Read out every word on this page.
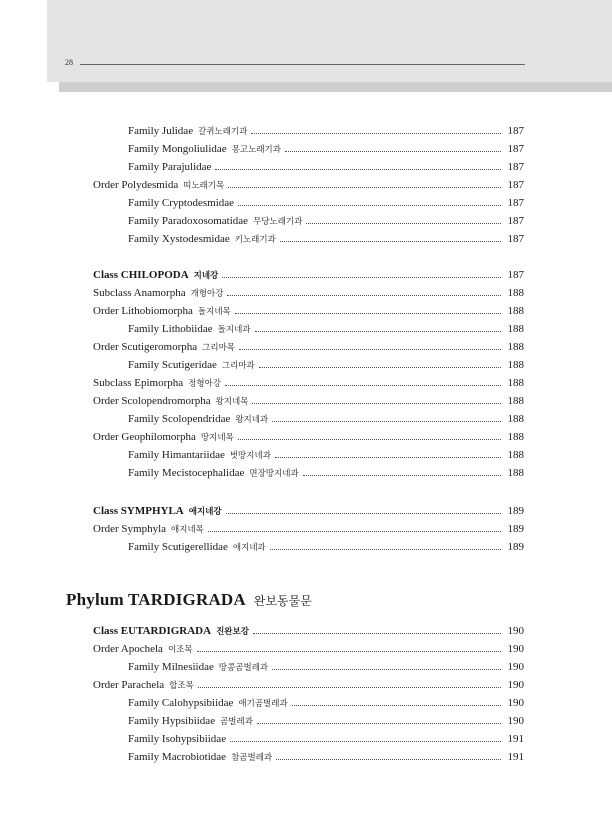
28
Family Julidae 갈퀴노래기과	187
Family Mongoliulidae 몽고노래기과	187
Family Parajulidae	187
Order Polydesmida 띠노래기목	187
Family Cryptodesmidae	187
Family Paradoxosomatidae 무당노래기과	187
Family Xystodesmidae 키노래기과	187
Class CHILOPODA 지네강	187
Subclass Anamorpha 개형아강	188
Order Lithobiomorpha 돌지네목	188
Family Lithobiidae 돌지네과	188
Order Scutigeromorpha 그리마목	188
Family Scutigeridae 그리마과	188
Subclass Epimorpha 정형아강	188
Order Scolopendromorpha 왕지네목	188
Family Scolopendridae 왕지네과	188
Order Geophilomorpha 땅지네목	188
Family Himantariidae 벗땅지네과	188
Family Mecistocephalidae 면장땅지네과	188
Class SYMPHYLA 애지네강	189
Order Symphyla 애지네목	189
Family Scutigerellidae 애지네과	189
Class EUTARDIGRADA 진완보강	190
Order Apochela 이조목	190
Family Milnesiidae 땅콩곰벌레과	190
Order Parachela 합조목	190
Family Calohypsibiidae 애기곰벌레과	190
Family Hypsibiidae 곰벌레과	190
Family Isohypsibiidae	191
Family Macrobiotidae 참곰벌레과	191
Phylum TARDIGRADA 완보동물문
